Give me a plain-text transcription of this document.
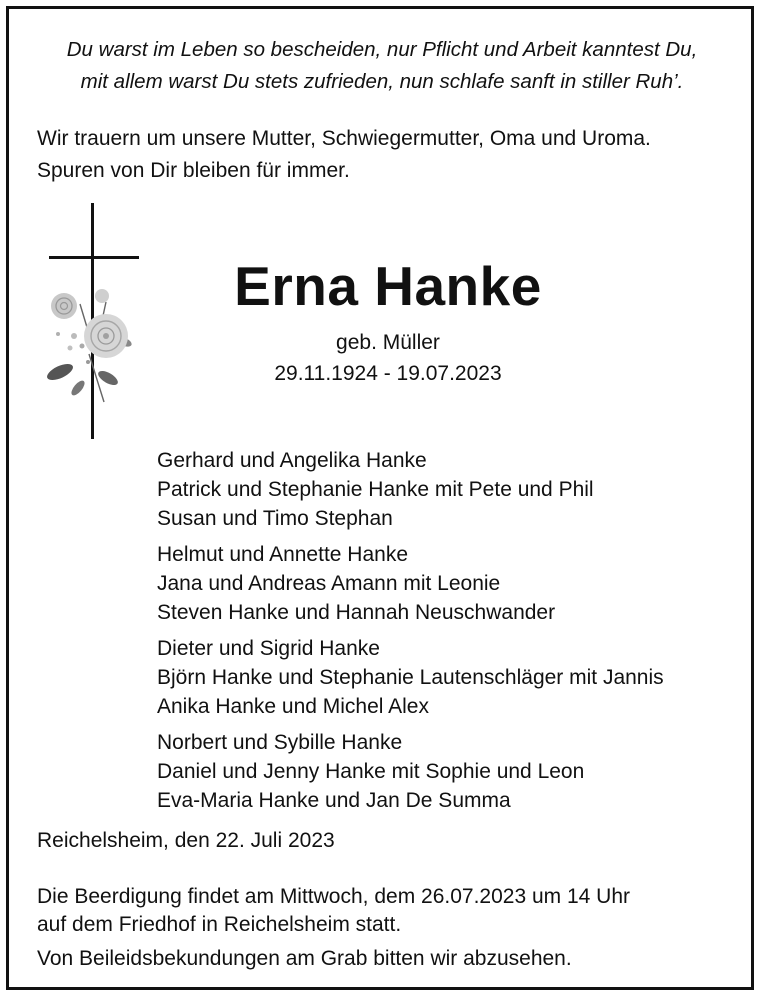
Du warst im Leben so bescheiden, nur Pflicht und Arbeit kanntest Du,
mit allem warst Du stets zufrieden, nun schlafe sanft in stiller Ruh’.
Wir trauern um unsere Mutter, Schwiegermutter, Oma und Uroma.
Spuren von Dir bleiben für immer.
Erna Hanke
geb. Müller
29.11.1924 - 19.07.2023
Gerhard und Angelika Hanke
Patrick und Stephanie Hanke mit Pete und Phil
Susan und Timo Stephan
Helmut und Annette Hanke
Jana und Andreas Amann mit Leonie
Steven Hanke und Hannah Neuschwander
Dieter und Sigrid Hanke
Björn Hanke und Stephanie Lautenschläger mit Jannis
Anika Hanke und Michel Alex
Norbert und Sybille Hanke
Daniel und Jenny Hanke mit Sophie und Leon
Eva-Maria Hanke und Jan De Summa
Reichelsheim, den 22. Juli 2023
Die Beerdigung findet am Mittwoch, dem 26.07.2023 um 14 Uhr
auf dem Friedhof in Reichelsheim statt.
Von Beileidsbekundungen am Grab bitten wir abzusehen.
